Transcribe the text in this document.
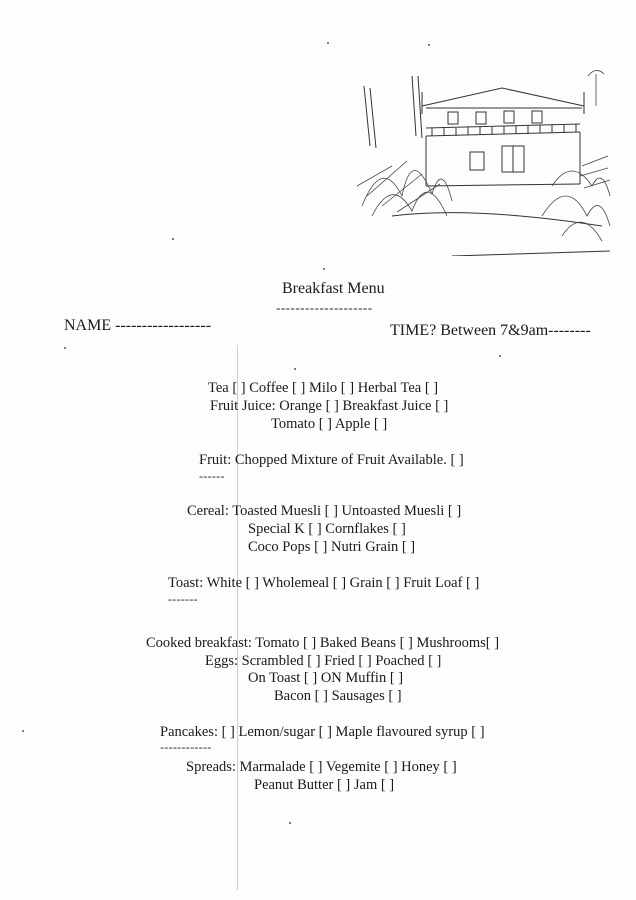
Breakfast Menu
--------------------
NAME ------------------	TIME? Between 7&9am--------
Tea [ ] Coffee [ ] Milo [ ] Herbal Tea [ ]
Fruit Juice: Orange [ ] Breakfast Juice [ ]
Tomato [ ] Apple [ ]
Fruit: Chopped Mixture of Fruit Available. [ ]
------
Cereal: Toasted Muesli [ ] Untoasted Muesli [ ]
Special K [ ] Cornflakes [ ]
Coco Pops [ ] Nutri Grain [ ]
Toast: White [ ] Wholemeal [ ] Grain [ ] Fruit Loaf [ ]
-------
Cooked breakfast: Tomato [ ] Baked Beans [ ] Mushrooms[ ]
Eggs: Scrambled [ ] Fried [ ] Poached [ ]
On Toast [ ] ON Muffin [ ]
Bacon [ ] Sausages [ ]
Pancakes: [ ] Lemon/sugar [ ] Maple flavoured syrup [ ]
------------
Spreads: Marmalade [ ] Vegemite [ ] Honey [ ]
Peanut Butter [ ] Jam [ ]
